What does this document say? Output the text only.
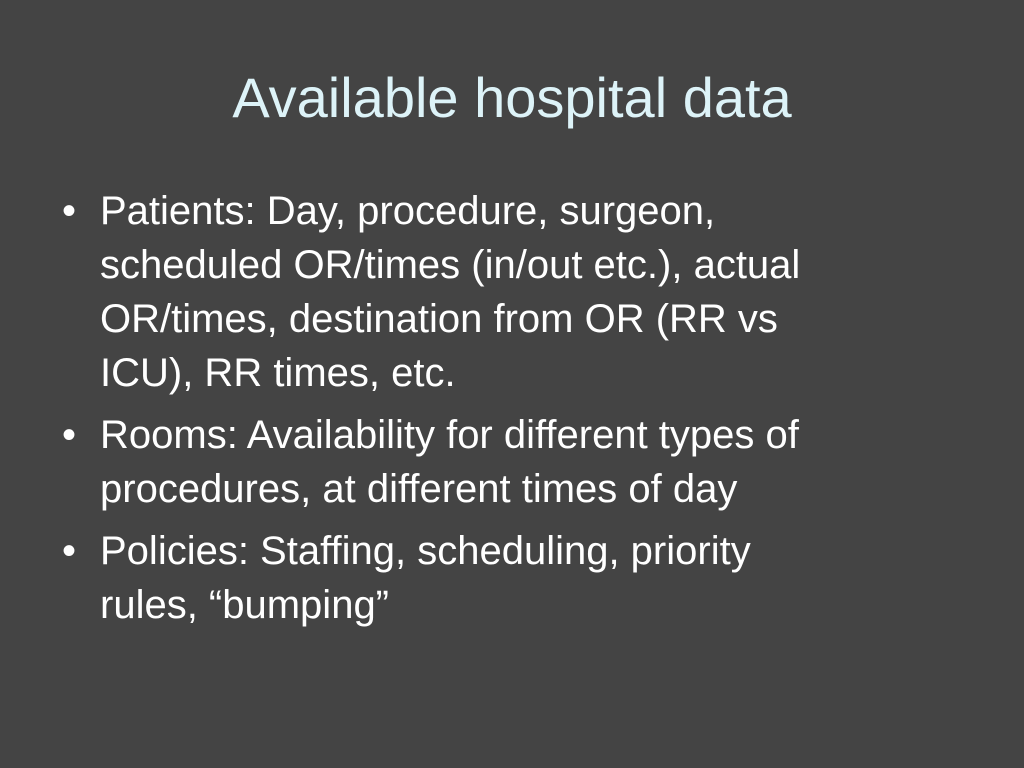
Available hospital data
• Patients: Day, procedure, surgeon,
scheduled OR/times (in/out etc.), actual
OR/times, destination from OR (RR vs
ICU), RR times, etc.
• Rooms: Availability for different types of
procedures, at different times of day
• Policies: Staffing, scheduling, priority
rules, “bumping”
